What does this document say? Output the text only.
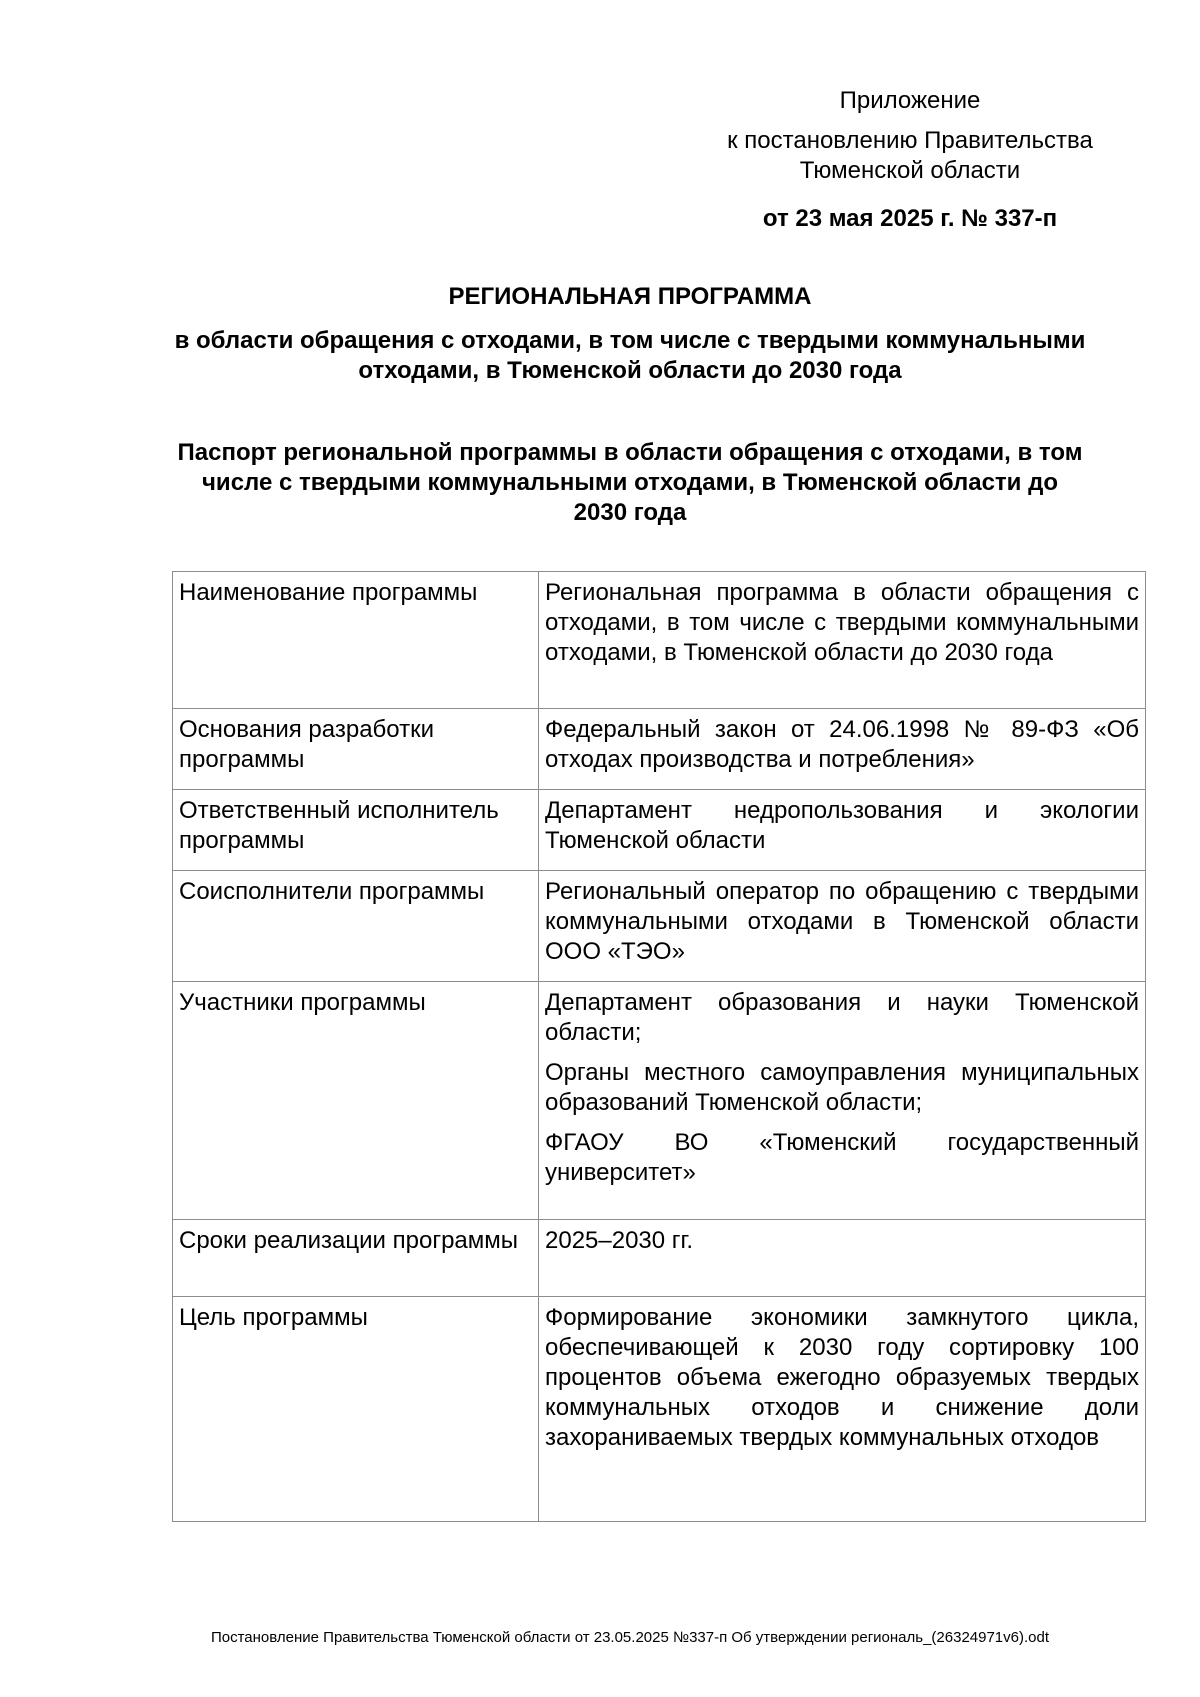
Приложение
к постановлению Правительства Тюменской области
от 23 мая 2025 г. № 337-п
РЕГИОНАЛЬНАЯ ПРОГРАММА
в области обращения с отходами, в том числе с твердыми коммунальными отходами, в Тюменской области до 2030 года
Паспорт региональной программы в области обращения с отходами, в том числе с твердыми коммунальными отходами, в Тюменской области до 2030 года
Наименование программы	Региональная программа в области обращения с отходами, в том числе с твердыми коммунальными отходами, в Тюменской области до 2030 года

Основания разработки программы	Федеральный закон от 24.06.1998 № 89-ФЗ «Об отходах производства и потребления»

Ответственный исполнитель программы	Департамент недропользования и экологии Тюменской области

Соисполнители программы	Региональный оператор по обращению с твердыми коммунальными отходами в Тюменской области ООО «ТЭО»

Участники программы	Департамент образования и науки Тюменской области;

Органы местного самоуправления муниципальных образований Тюменской области;

ФГАОУ ВО «Тюменский государственный университет»

Сроки реализации программы	2025–2030 гг.

Цель программы	Формирование экономики замкнутого цикла, обеспечивающей к 2030 году сортировку 100 процентов объема ежегодно образуемых твердых коммунальных отходов и снижение доли захораниваемых твердых коммунальных отходов

Постановление Правительства Тюменской области от 23.05.2025 №337-п Об утверждении региональ_(26324971v6).odt
